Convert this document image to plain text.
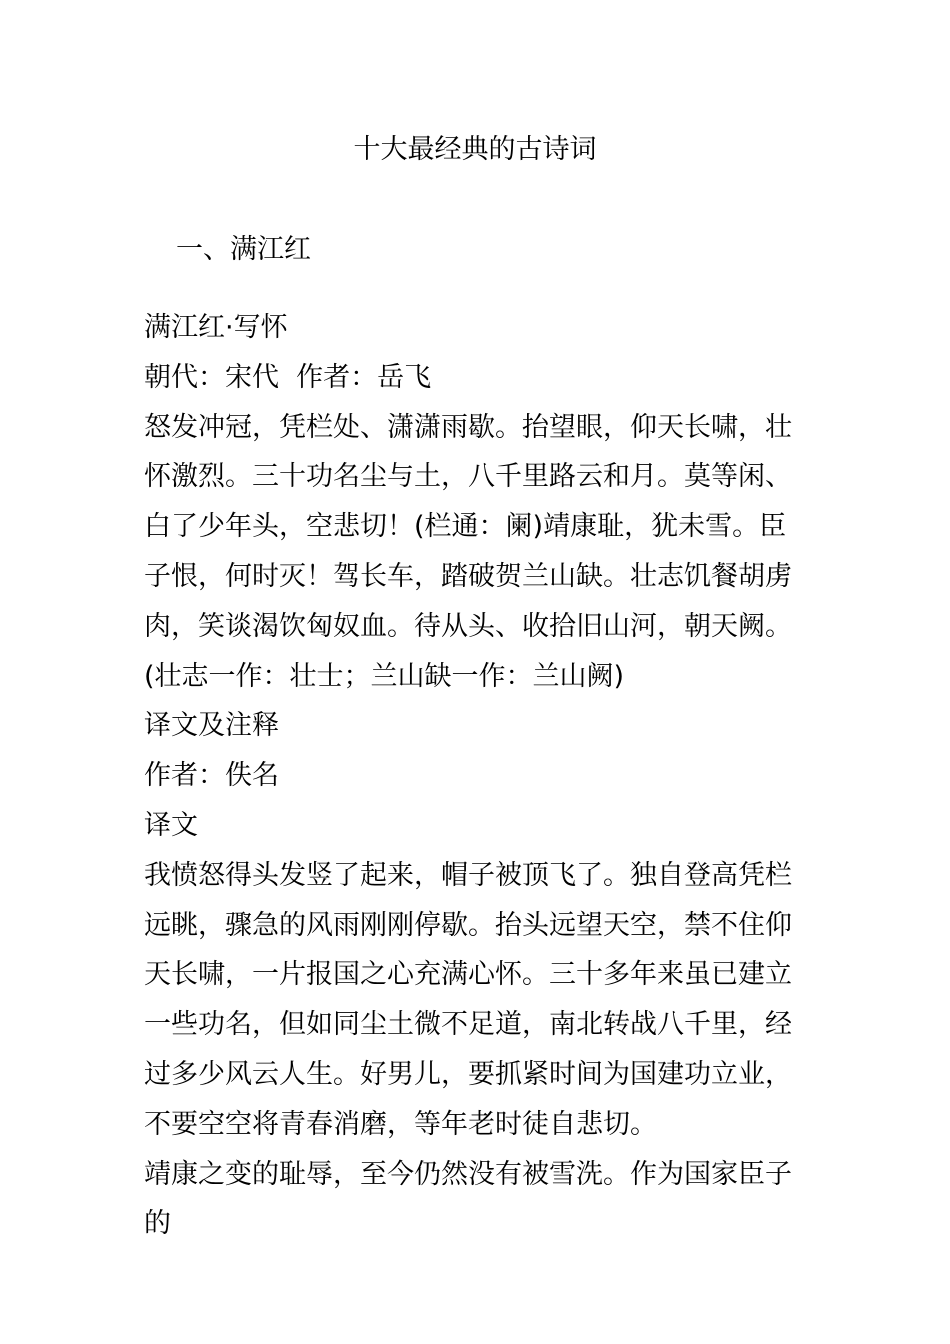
十大最经典的古诗词
一、满江红

满江红·写怀

朝代：宋代  作者：岳飞

怒发冲冠，凭栏处、潇潇雨歇。抬望眼，仰天长啸，壮怀激烈。三十功名尘与土，八千里路云和月。莫等闲、白了少年头，空悲切！(栏通：阑)靖康耻，犹未雪。臣子恨，何时灭！驾长车，踏破贺兰山缺。壮志饥餐胡虏肉，笑谈渴饮匈奴血。待从头、收拾旧山河，朝天阙。(壮志一作：壮士；兰山缺一作：兰山阙)

译文及注释

作者：佚名

译文

我愤怒得头发竖了起来，帽子被顶飞了。独自登高凭栏远眺，骤急的风雨刚刚停歇。抬头远望天空，禁不住仰天长啸，一片报国之心充满心怀。三十多年来虽已建立一些功名，但如同尘土微不足道，南北转战八千里，经过多少风云人生。好男儿，要抓紧时间为国建功立业，不要空空将青春消磨，等年老时徒自悲切。

靖康之变的耻辱，至今仍然没有被雪洗。作为国家臣子的
